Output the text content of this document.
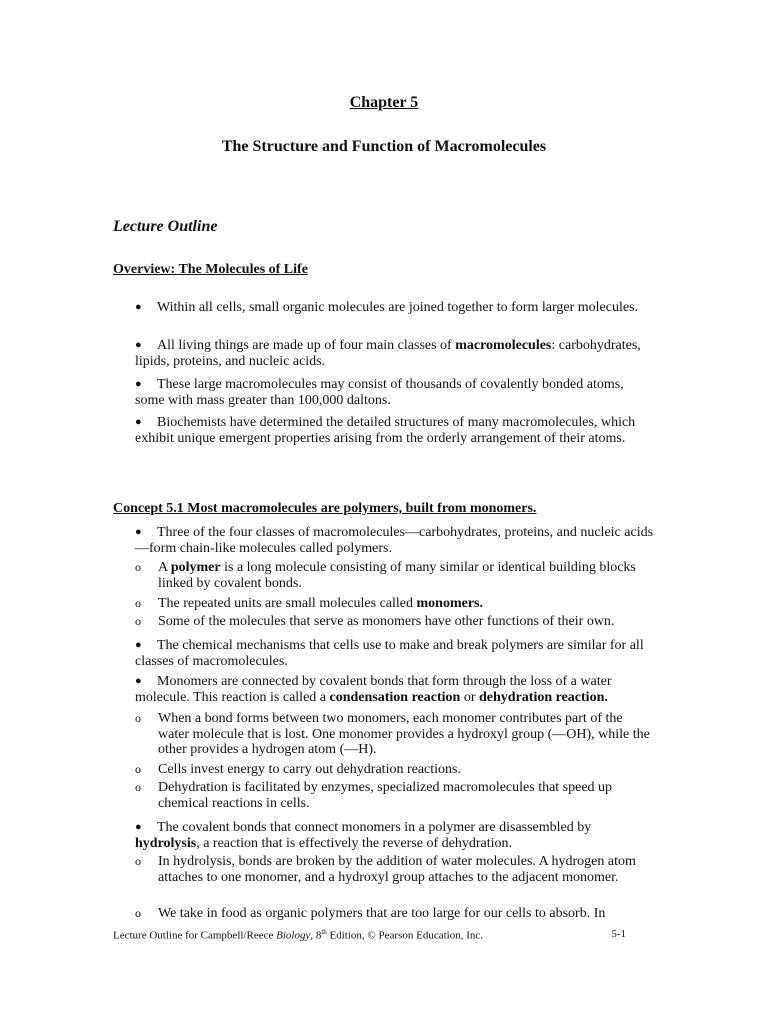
Chapter 5
The Structure and Function of Macromolecules
Lecture Outline
Overview: The Molecules of Life
● Within all cells, small organic molecules are joined together to form larger molecules.
● All living things are made up of four main classes of macromolecules: carbohydrates, lipids, proteins, and nucleic acids.
● These large macromolecules may consist of thousands of covalently bonded atoms, some with mass greater than 100,000 daltons.
● Biochemists have determined the detailed structures of many macromolecules, which exhibit unique emergent properties arising from the orderly arrangement of their atoms.
Concept 5.1 Most macromolecules are polymers, built from monomers.
● Three of the four classes of macromolecules—carbohydrates, proteins, and nucleic acids—form chain-like molecules called polymers.
o A polymer is a long molecule consisting of many similar or identical building blocks linked by covalent bonds.
o The repeated units are small molecules called monomers.
o Some of the molecules that serve as monomers have other functions of their own.
● The chemical mechanisms that cells use to make and break polymers are similar for all classes of macromolecules.
● Monomers are connected by covalent bonds that form through the loss of a water molecule. This reaction is called a condensation reaction or dehydration reaction.
o When a bond forms between two monomers, each monomer contributes part of the water molecule that is lost. One monomer provides a hydroxyl group (—OH), while the other provides a hydrogen atom (—H).
o Cells invest energy to carry out dehydration reactions.
o Dehydration is facilitated by enzymes, specialized macromolecules that speed up chemical reactions in cells.
● The covalent bonds that connect monomers in a polymer are disassembled by hydrolysis, a reaction that is effectively the reverse of dehydration.
o In hydrolysis, bonds are broken by the addition of water molecules. A hydrogen atom attaches to one monomer, and a hydroxyl group attaches to the adjacent monomer.
o We take in food as organic polymers that are too large for our cells to absorb. In
Lecture Outline for Campbell/Reece Biology, 8th Edition, © Pearson Education, Inc.	5-1
